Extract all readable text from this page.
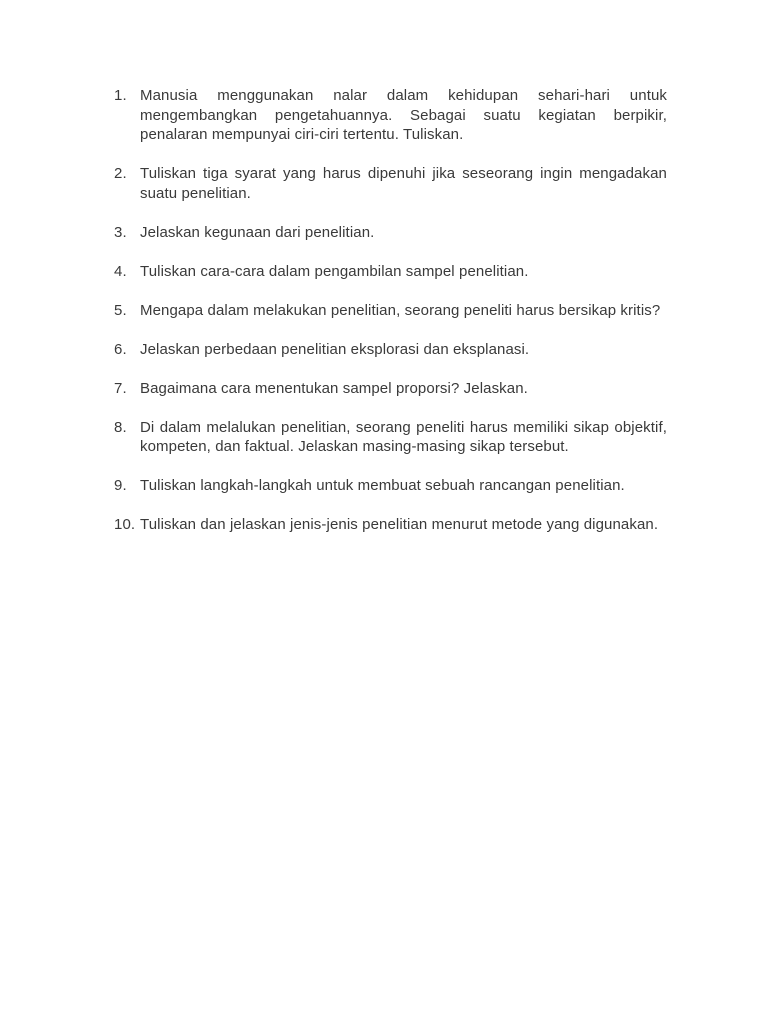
1. Manusia menggunakan nalar dalam kehidupan sehari-hari untuk mengembangkan pengetahuannya. Sebagai suatu kegiatan berpikir, penalaran mempunyai ciri-ciri tertentu. Tuliskan.
2. Tuliskan tiga syarat yang harus dipenuhi jika seseorang ingin mengadakan suatu penelitian.
3. Jelaskan kegunaan dari penelitian.
4. Tuliskan cara-cara dalam pengambilan sampel penelitian.
5. Mengapa dalam melakukan penelitian, seorang peneliti harus bersikap kritis?
6. Jelaskan perbedaan penelitian eksplorasi dan eksplanasi.
7. Bagaimana cara menentukan sampel proporsi? Jelaskan.
8. Di dalam melalukan penelitian, seorang peneliti harus memiliki sikap objektif, kompeten, dan faktual. Jelaskan masing-masing sikap tersebut.
9. Tuliskan langkah-langkah untuk membuat sebuah rancangan penelitian.
10. Tuliskan dan jelaskan jenis-jenis penelitian menurut metode yang digunakan.
